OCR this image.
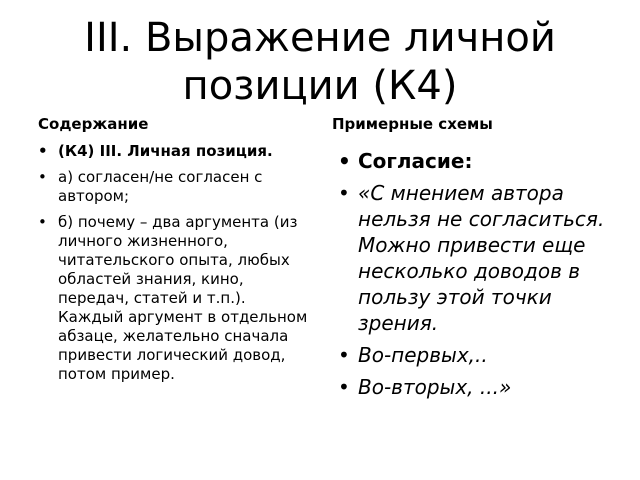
III. Выражение личной позиции (К4)
Содержание	Примерные схемы
• (К4) III. Личная позиция.
• а) согласен/не согласен с автором;
• б) почему – два аргумента (из личного жизненного, читательского опыта, любых областей знания, кино, передач, статей и т.п.). Каждый аргумент в отдельном абзаце, желательно сначала привести логический довод, потом пример.
• Согласие:
• «С мнением автора нельзя не согласиться. Можно привести еще несколько доводов в пользу этой точки зрения.
• Во-первых,..
• Во-вторых, ...»
